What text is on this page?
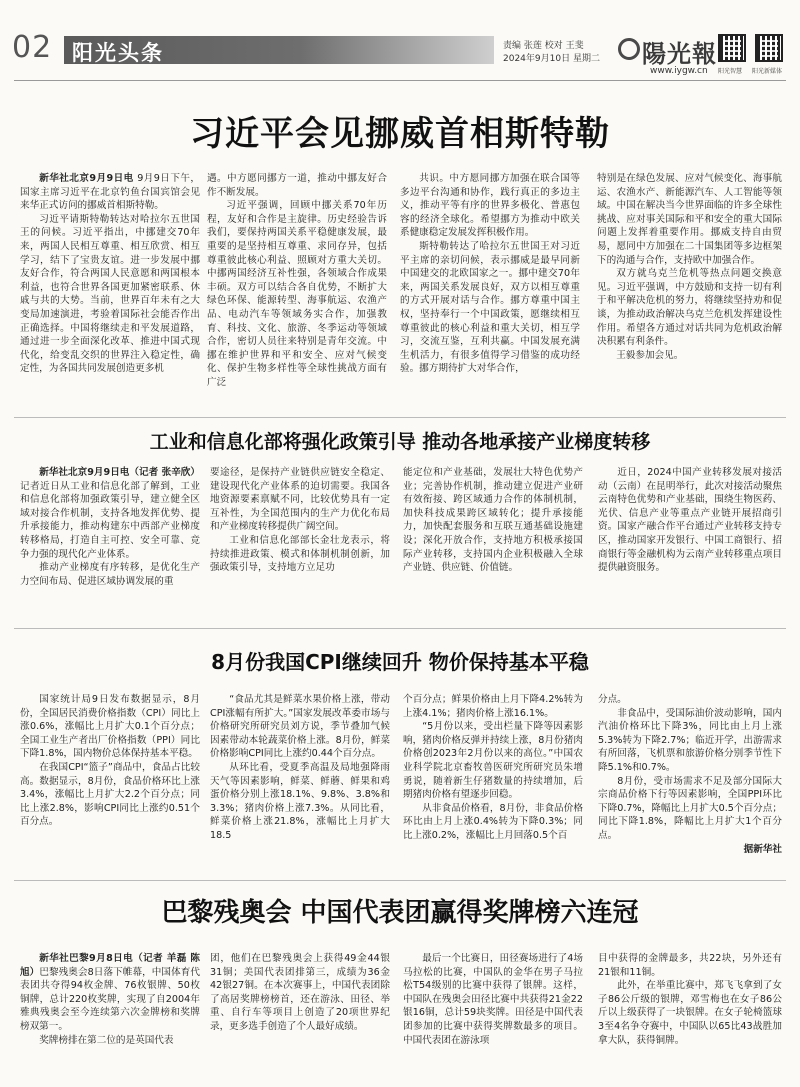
02 阳光头条	责编 张莲 校对 王斐
2024年9月10日 星期二 陽光報
www.iygw.cn 阳光智慧 阳光新媒体
习近平会见挪威首相斯特勒

新华社北京9月9日电 9月9日下午，国家主席习近平在北京钓鱼台国宾馆会见来华正式访问的挪威首相斯特勒。

习近平请斯特勒转达对哈拉尔五世国王的问候。习近平指出，中挪建交70年来，两国人民相互尊重、相互欣赏、相互学习，结下了宝贵友谊。进一步发展中挪友好合作，符合两国人民意愿和两国根本利益，也符合世界各国更加紧密联系、休戚与共的大势。当前，世界百年未有之大变局加速演进，考验着国际社会能否作出正确选择。中国将继续走和平发展道路，通过进一步全面深化改革、推进中国式现代化，给变乱交织的世界注入稳定性，确定性，为各国共同发展创造更多机

遇。中方愿同挪方一道，推动中挪友好合作不断发展。

习近平强调，回顾中挪关系70年历程，友好和合作是主旋律。历史经验告诉我们，要保持两国关系平稳健康发展，最重要的是坚持相互尊重、求同存异，包括尊重彼此核心利益、照顾对方重大关切。中挪两国经济互补性强，各领域合作成果丰硕。双方可以结合各自优势，不断扩大绿色环保、能源转型、海事航运、农渔产品、电动汽车等领域务实合作，加强教育、科技、文化、旅游、冬季运动等领域合作，密切人员往来特别是青年交流。中挪在维护世界和平和安全、应对气候变化、保护生物多样性等全球性挑战方面有广泛

共识。中方愿同挪方加强在联合国等多边平台沟通和协作，践行真正的多边主义，推动平等有序的世界多极化、普惠包容的经济全球化。希望挪方为推动中欧关系健康稳定发展发挥积极作用。

斯特勒转达了哈拉尔五世国王对习近平主席的亲切问候，表示挪威是最早同新中国建交的北欧国家之一。挪中建交70年来，两国关系发展良好，双方以相互尊重的方式开展对话与合作。挪方尊重中国主权，坚持奉行一个中国政策，愿继续相互尊重彼此的核心利益和重大关切，相互学习，交流互鉴，互利共赢。中国发展充满生机活力，有很多值得学习借鉴的成功经验。挪方期待扩大对华合作，

特别是在绿色发展、应对气候变化、海事航运、农渔水产、新能源汽车、人工智能等领域。中国在解决当今世界面临的许多全球性挑战、应对事关国际和平和安全的重大国际问题上发挥着重要作用。挪威支持自由贸易，愿同中方加强在二十国集团等多边框架下的沟通与合作，支持欧中加强合作。

双方就乌克兰危机等热点问题交换意见。习近平强调，中方鼓励和支持一切有利于和平解决危机的努力，将继续坚持劝和促谈，为推动政治解决乌克兰危机发挥建设性作用。希望各方通过对话共同为危机政治解决积累有利条件。

王毅参加会见。

工业和信息化部将强化政策引导 推动各地承接产业梯度转移

新华社北京9月9日电（记者 张辛欣）记者近日从工业和信息化部了解到，工业和信息化部将加强政策引导，建立健全区域对接合作机制，支持各地发挥优势、提升承接能力，推动构建东中西部产业梯度转移格局，打造自主可控、安全可靠、竞争力强的现代化产业体系。

推动产业梯度有序转移，是优化生产力空间布局、促进区域协调发展的重

要途径，是保持产业链供应链安全稳定、建设现代化产业体系的迫切需要。我国各地资源要素禀赋不同，比较优势具有一定互补性，为全国范围内的生产力优化布局和产业梯度转移提供广阔空间。

工业和信息化部部长金壮龙表示，将持续推进政策、模式和体制机制创新，加强政策引导，支持地方立足功

能定位和产业基础，发展壮大特色优势产业；完善协作机制，推动建立促进产业研有效衔接、跨区域通力合作的体制机制，加快科技成果跨区域转化；提升承接能力，加快配套服务和互联互通基础设施建设；深化开放合作，支持地方积极承接国际产业转移，支持国内企业积极融入全球产业链、供应链、价值链。

近日，2024中国产业转移发展对接活动（云南）在昆明举行，此次对接活动聚焦云南特色优势和产业基础，围绕生物医药、光伏、信息产业等重点产业链开展招商引资。国家产融合作平台通过产业转移支持专区，推动国家开发银行、中国工商银行、招商银行等金融机构为云南产业转移重点项目提供融资服务。

8月份我国CPI继续回升 物价保持基本平稳

国家统计局9日发布数据显示，8月份，全国居民消费价格指数（CPI）同比上涨0.6%，涨幅比上月扩大0.1个百分点；全国工业生产者出厂价格指数（PPI）同比下降1.8%，国内物价总体保持基本平稳。

在我国CPI“篮子”商品中，食品占比较高。数据显示，8月份，食品价格环比上涨3.4%，涨幅比上月扩大2.2个百分点；同比上涨2.8%，影响CPI同比上涨约0.51个百分点。

“食品尤其是鲜菜水果价格上涨，带动CPI涨幅有所扩大。”国家发展改革委市场与价格研究所研究员刘方说，季节叠加气候因素带动本轮蔬菜价格上涨。8月份，鲜菜价格影响CPI同比上涨约0.44个百分点。

从环比看，受夏季高温及局地强降雨天气等因素影响，鲜菜、鲜蘑、鲜果和鸡蛋价格分别上涨18.1%、9.8%、3.8%和3.3%；猪肉价格上涨7.3%。从同比看，鲜菜价格上涨21.8%，涨幅比上月扩大18.5

个百分点；鲜果价格由上月下降4.2%转为上涨4.1%；猪肉价格上涨16.1%。

“5月份以来，受出栏量下降等因素影响，猪肉价格反弹并持续上涨，8月份猪肉价格创2023年2月份以来的高位。”中国农业科学院北京畜牧兽医研究所研究员朱增勇说，随着新生仔猪数量的持续增加，后期猪肉价格有望逐步回稳。

从非食品价格看，8月份，非食品价格环比由上月上涨0.4%转为下降0.3%；同比上涨0.2%，涨幅比上月回落0.5个百

分点。

非食品中，受国际油价波动影响，国内汽油价格环比下降3%，同比由上月上涨5.3%转为下降2.7%；临近开学，出游需求有所回落，飞机票和旅游价格分别季节性下降5.1%和0.7%。

8月份，受市场需求不足及部分国际大宗商品价格下行等因素影响，全国PPI环比下降0.7%，降幅比上月扩大0.5个百分点；同比下降1.8%，降幅比上月扩大1个百分点。

据新华社
巴黎残奥会 中国代表团赢得奖牌榜六连冠

新华社巴黎9月8日电（记者 羊磊 陈旭）巴黎残奥会8日落下帷幕，中国体育代表团共夺得94枚金牌、76枚银牌、50枚铜牌，总计220枚奖牌，实现了自2004年雅典残奥会至今连续第六次金牌榜和奖牌榜双第一。

奖牌榜排在第二位的是英国代表

团，他们在巴黎残奥会上获得49金44银31铜；美国代表团排第三，成绩为36金42银27铜。在本次赛事上，中国代表团除了高居奖牌榜榜首，还在游泳、田径、举重、自行车等项目上创造了20项世界纪录，更多选手创造了个人最好成绩。

最后一个比赛日，田径赛场进行了4场马拉松的比赛，中国队的金华在男子马拉松T54级别的比赛中获得了银牌。这样，中国队在残奥会田径比赛中共获得21金22银16铜，总计59块奖牌。田径是中国代表团参加的比赛中获得奖牌数最多的项目。中国代表团在游泳项

目中获得的金牌最多，共22块，另外还有21银和11铜。

此外，在举重比赛中，郑飞飞拿到了女子86公斤级的银牌，邓雪梅也在女子86公斤以上级获得了一块银牌。在女子轮椅篮球3至4名争夺赛中，中国队以65比43战胜加拿大队，获得铜牌。
